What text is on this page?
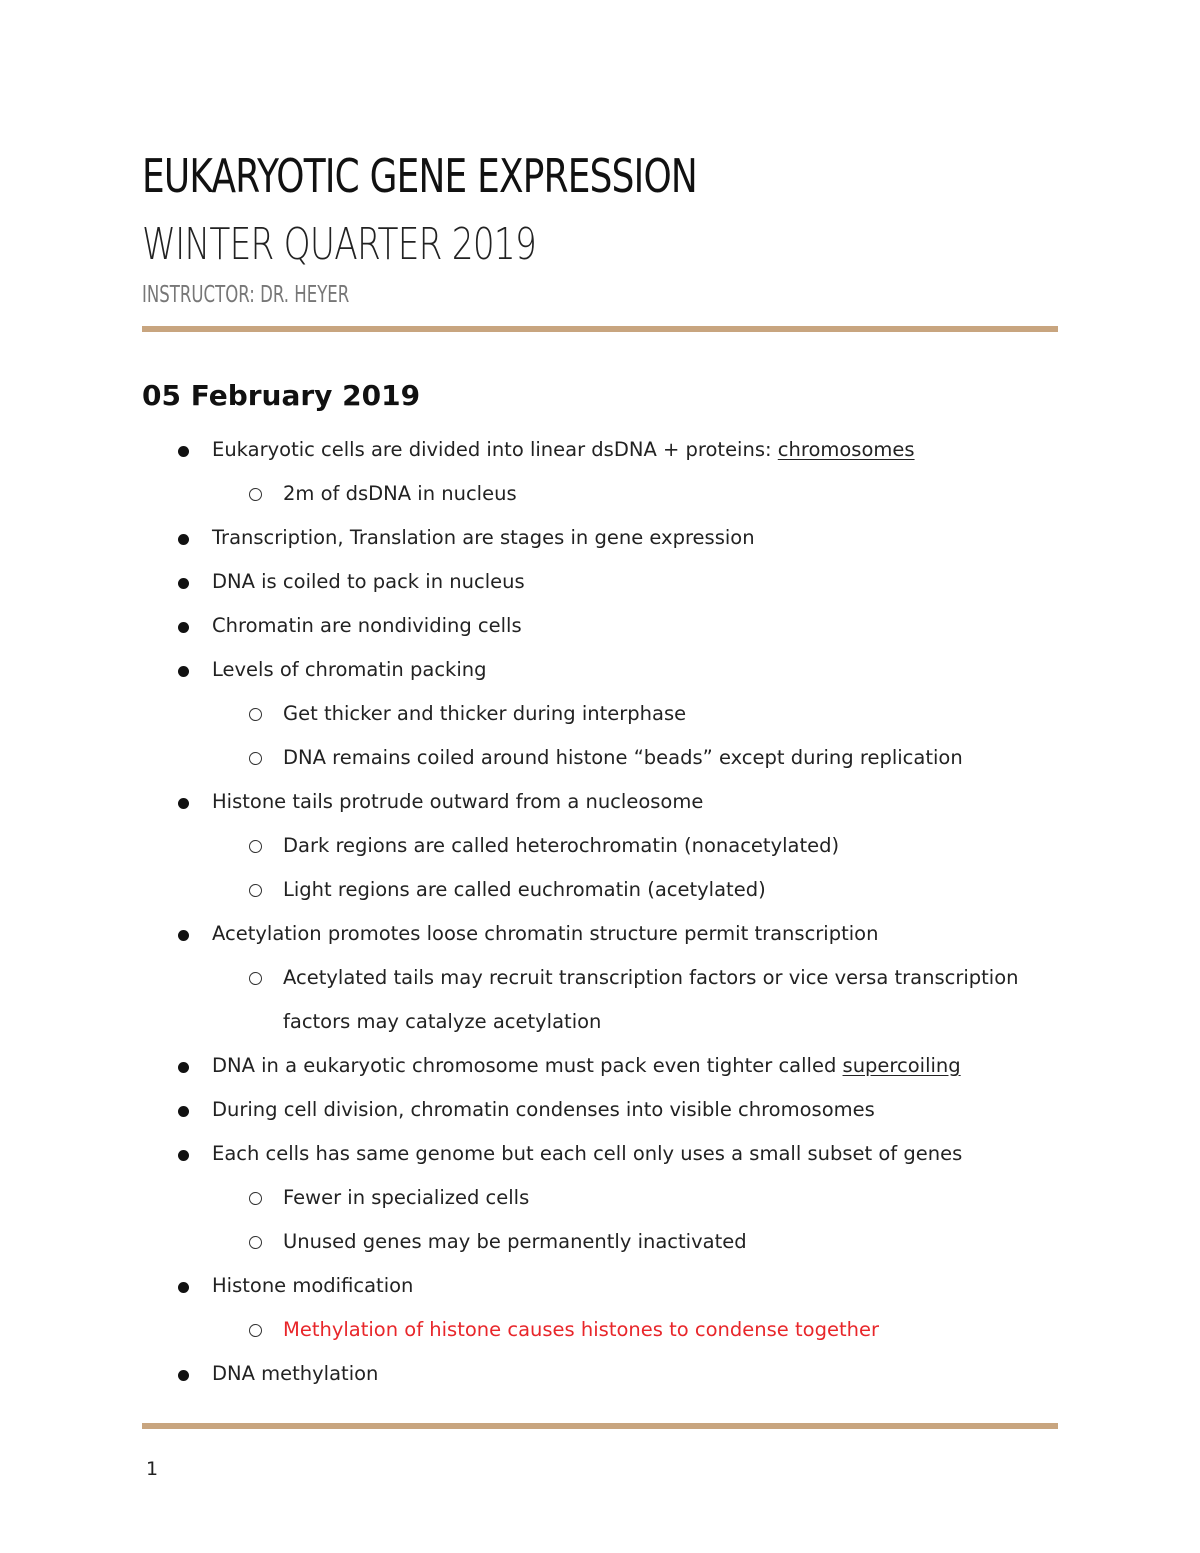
EUKARYOTIC GENE EXPRESSION
WINTER QUARTER 2019
INSTRUCTOR: DR. HEYER
05 February 2019
Eukaryotic cells are divided into linear dsDNA + proteins: chromosomes
2m of dsDNA in nucleus
Transcription, Translation are stages in gene expression
DNA is coiled to pack in nucleus
Chromatin are nondividing cells
Levels of chromatin packing
Get thicker and thicker during interphase
DNA remains coiled around histone “beads” except during replication
Histone tails protrude outward from a nucleosome
Dark regions are called heterochromatin (nonacetylated)
Light regions are called euchromatin (acetylated)
Acetylation promotes loose chromatin structure permit transcription
Acetylated tails may recruit transcription factors or vice versa transcription factors may catalyze acetylation
DNA in a eukaryotic chromosome must pack even tighter called supercoiling
During cell division, chromatin condenses into visible chromosomes
Each cells has same genome but each cell only uses a small subset of genes
Fewer in specialized cells
Unused genes may be permanently inactivated
Histone modification
Methylation of histone causes histones to condense together
DNA methylation
1
